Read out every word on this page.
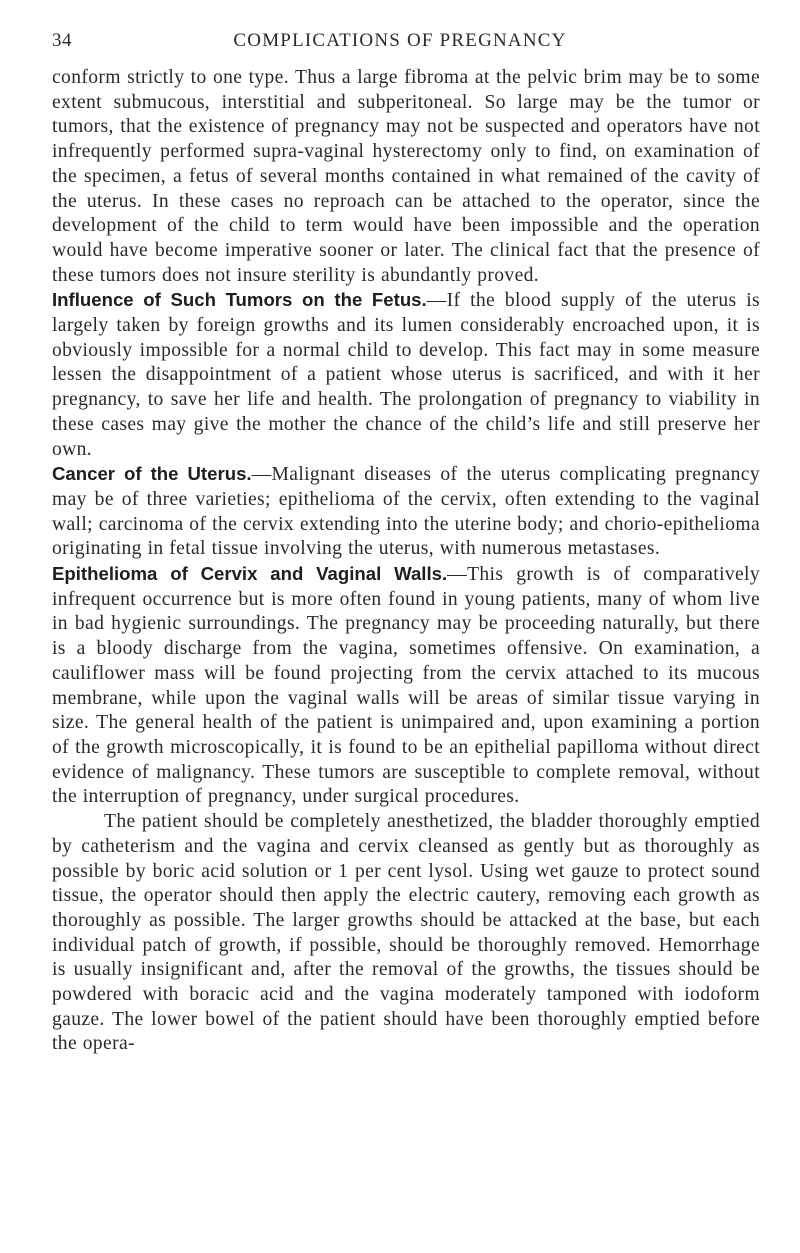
34	COMPLICATIONS OF PREGNANCY

conform strictly to one type. Thus a large fibroma at the pelvic brim may be to some extent submucous, interstitial and subperitoneal. So large may be the tumor or tumors, that the existence of pregnancy may not be suspected and operators have not infrequently performed supra-vaginal hysterectomy only to find, on examination of the specimen, a fetus of several months contained in what remained of the cavity of the uterus. In these cases no reproach can be attached to the operator, since the development of the child to term would have been impossible and the operation would have become imperative sooner or later. The clinical fact that the presence of these tumors does not insure sterility is abundantly proved.

Influence of Such Tumors on the Fetus.—If the blood supply of the uterus is largely taken by foreign growths and its lumen considerably encroached upon, it is obviously impossible for a normal child to develop. This fact may in some measure lessen the disappointment of a patient whose uterus is sacrificed, and with it her pregnancy, to save her life and health. The prolongation of pregnancy to viability in these cases may give the mother the chance of the child’s life and still preserve her own.

Cancer of the Uterus.—Malignant diseases of the uterus complicating pregnancy may be of three varieties; epithelioma of the cervix, often extending to the vaginal wall; carcinoma of the cervix extending into the uterine body; and chorio-epithelioma originating in fetal tissue involving the uterus, with numerous metastases.

Epithelioma of Cervix and Vaginal Walls.—This growth is of comparatively infrequent occurrence but is more often found in young patients, many of whom live in bad hygienic surroundings. The pregnancy may be proceeding naturally, but there is a bloody discharge from the vagina, sometimes offensive. On examination, a cauliflower mass will be found projecting from the cervix attached to its mucous membrane, while upon the vaginal walls will be areas of similar tissue varying in size. The general health of the patient is unimpaired and, upon examining a portion of the growth microscopically, it is found to be an epithelial papilloma without direct evidence of malignancy. These tumors are susceptible to complete removal, without the interruption of pregnancy, under surgical procedures.

The patient should be completely anesthetized, the bladder thoroughly emptied by catheterism and the vagina and cervix cleansed as gently but as thoroughly as possible by boric acid solution or 1 per cent lysol. Using wet gauze to protect sound tissue, the operator should then apply the electric cautery, removing each growth as thoroughly as possible. The larger growths should be attacked at the base, but each individual patch of growth, if possible, should be thoroughly removed. Hemorrhage is usually insignificant and, after the removal of the growths, the tissues should be powdered with boracic acid and the vagina moderately tamponed with iodoform gauze. The lower bowel of the patient should have been thoroughly emptied before the opera-
